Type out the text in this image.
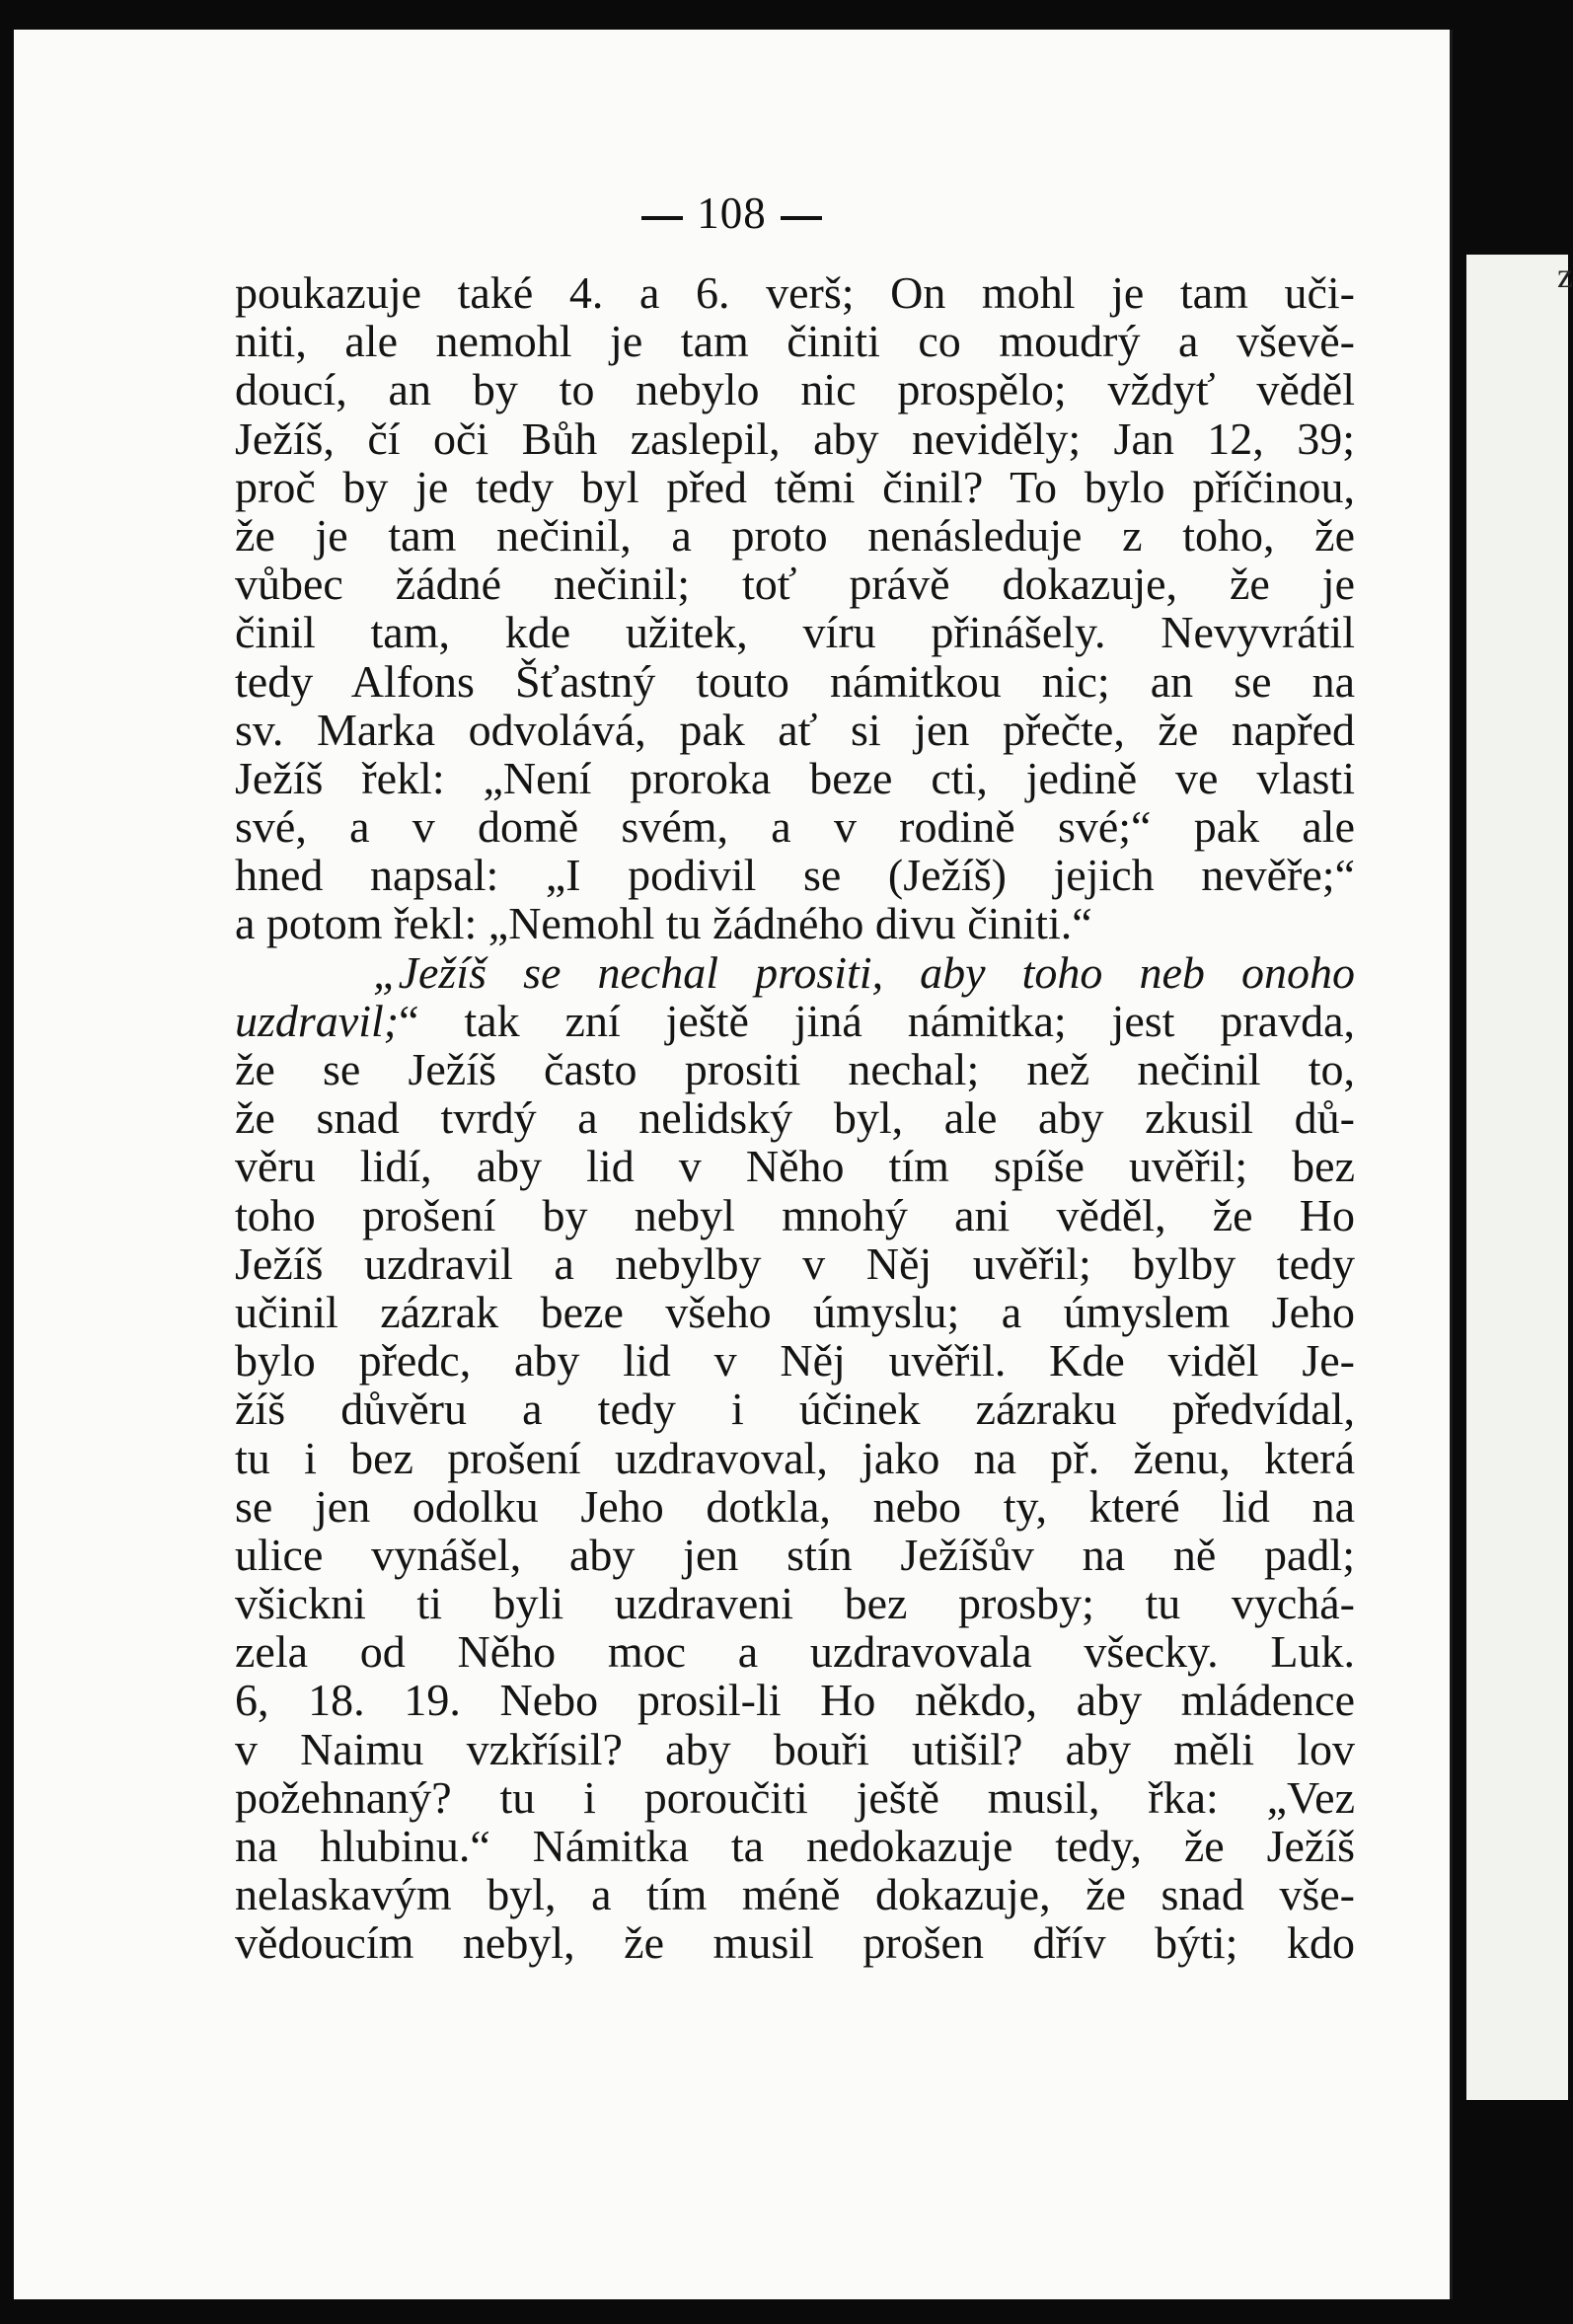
z
108
poukazuje také 4. a 6. verš; On mohl je tam uči-
niti, ale nemohl je tam činiti co moudrý a vševě-
doucí, an by to nebylo nic prospělo; vždyť věděl
Ježíš, čí oči Bůh zaslepil, aby neviděly; Jan 12, 39;
proč by je tedy byl před těmi činil? To bylo příčinou,
že je tam nečinil, a proto nenásleduje z toho, že
vůbec žádné nečinil; toť právě dokazuje, že je
činil tam, kde užitek, víru přinášely. Nevyvrátil
tedy Alfons Šťastný touto námitkou nic; an se na
sv. Marka odvolává, pak ať si jen přečte, že napřed
Ježíš řekl: „Není proroka beze cti, jedině ve vlasti
své, a v domě svém, a v rodině své;“ pak ale
hned napsal: „I podivil se (Ježíš) jejich nevěře;“
a potom řekl: „Nemohl tu žádného divu činiti.“
„Ježíš se nechal prositi, aby toho neb onoho
uzdravil;“ tak zní ještě jiná námitka; jest pravda,
že se Ježíš často prositi nechal; než nečinil to,
že snad tvrdý a nelidský byl, ale aby zkusil dů-
věru lidí, aby lid v Něho tím spíše uvěřil; bez
toho prošení by nebyl mnohý ani věděl, že Ho
Ježíš uzdravil a nebylby v Něj uvěřil; bylby tedy
učinil zázrak beze všeho úmyslu; a úmyslem Jeho
bylo předc, aby lid v Něj uvěřil. Kde viděl Je-
žíš důvěru a tedy i účinek zázraku předvídal,
tu i bez prošení uzdravoval, jako na př. ženu, která
se jen odolku Jeho dotkla, nebo ty, které lid na
ulice vynášel, aby jen stín Ježíšův na ně padl;
všickni ti byli uzdraveni bez prosby; tu vychá-
zela od Něho moc a uzdravovala všecky. Luk.
6, 18. 19. Nebo prosil-li Ho někdo, aby mládence
v Naimu vzkřísil? aby bouři utišil? aby měli lov
požehnaný? tu i poroučiti ještě musil, řka: „Vez
na hlubinu.“ Námitka ta nedokazuje tedy, že Ježíš
nelaskavým byl, a tím méně dokazuje, že snad vše-
vědoucím nebyl, že musil prošen dřív býti; kdo
